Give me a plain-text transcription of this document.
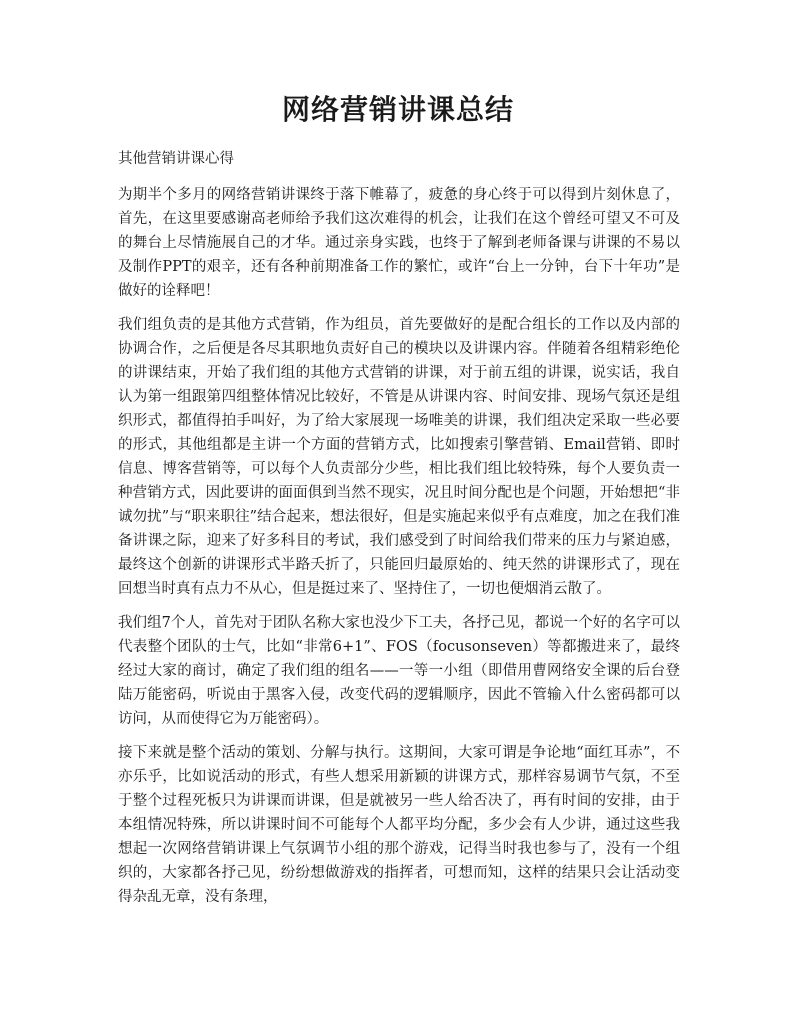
网络营销讲课总结

其他营销讲课心得

为期半个多月的网络营销讲课终于落下帷幕了，疲惫的身心终于可以得到片刻休息了，首先，在这里要感谢高老师给予我们这次难得的机会，让我们在这个曾经可望又不可及的舞台上尽情施展自己的才华。通过亲身实践，也终于了解到老师备课与讲课的不易以及制作PPT的艰辛，还有各种前期准备工作的繁忙，或许“台上一分钟，台下十年功”是做好的诠释吧！

我们组负责的是其他方式营销，作为组员，首先要做好的是配合组长的工作以及内部的协调合作，之后便是各尽其职地负责好自己的模块以及讲课内容。伴随着各组精彩绝伦的讲课结束，开始了我们组的其他方式营销的讲课，对于前五组的讲课，说实话，我自认为第一组跟第四组整体情况比较好，不管是从讲课内容、时间安排、现场气氛还是组织形式，都值得拍手叫好，为了给大家展现一场唯美的讲课，我们组决定采取一些必要的形式，其他组都是主讲一个方面的营销方式，比如搜索引擎营销、Email营销、即时信息、博客营销等，可以每个人负责部分少些，相比我们组比较特殊，每个人要负责一种营销方式，因此要讲的面面俱到当然不现实，况且时间分配也是个问题，开始想把“非诚勿扰”与“职来职往”结合起来，想法很好，但是实施起来似乎有点难度，加之在我们准备讲课之际，迎来了好多科目的考试，我们感受到了时间给我们带来的压力与紧迫感，最终这个创新的讲课形式半路夭折了，只能回归最原始的、纯天然的讲课形式了，现在回想当时真有点力不从心，但是挺过来了、坚持住了，一切也便烟消云散了。

我们组7个人，首先对于团队名称大家也没少下工夫，各抒己见，都说一个好的名字可以代表整个团队的士气，比如“非常6+1”、FOS（focusonseven）等都搬进来了，最终经过大家的商讨，确定了我们组的组名——一等一小组（即借用曹网络安全课的后台登陆万能密码，听说由于黑客入侵，改变代码的逻辑顺序，因此不管输入什么密码都可以访问，从而使得它为万能密码）。

接下来就是整个活动的策划、分解与执行。这期间，大家可谓是争论地“面红耳赤”，不亦乐乎，比如说活动的形式，有些人想采用新颖的讲课方式，那样容易调节气氛，不至于整个过程死板只为讲课而讲课，但是就被另一些人给否决了，再有时间的安排，由于本组情况特殊，所以讲课时间不可能每个人都平均分配，多少会有人少讲，通过这些我想起一次网络营销讲课上气氛调节小组的那个游戏，记得当时我也参与了，没有一个组织的，大家都各抒己见，纷纷想做游戏的指挥者，可想而知，这样的结果只会让活动变得杂乱无章，没有条理，
